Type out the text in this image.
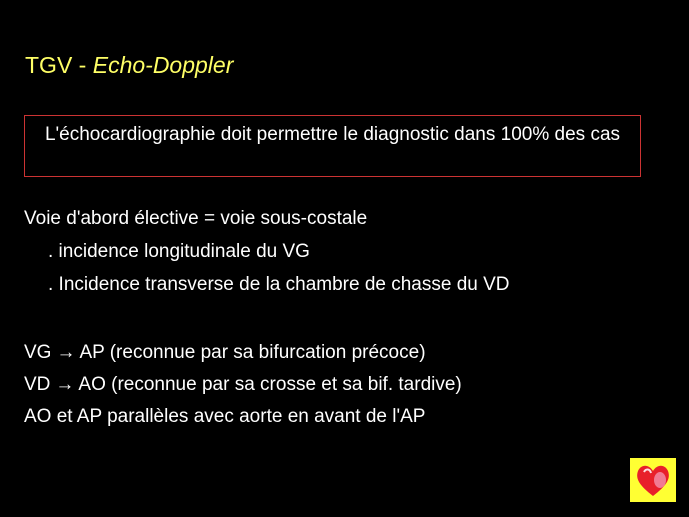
TGV - Echo-Doppler
L'échocardiographie doit permettre le diagnostic dans 100% des cas
Voie d'abord élective = voie sous-costale
. incidence longitudinale du VG
. Incidence transverse de la chambre de chasse du VD
VG → AP (reconnue par sa bifurcation précoce)
VD → AO (reconnue par sa crosse et sa bif. tardive)
AO et AP parallèles avec aorte en avant de l'AP
